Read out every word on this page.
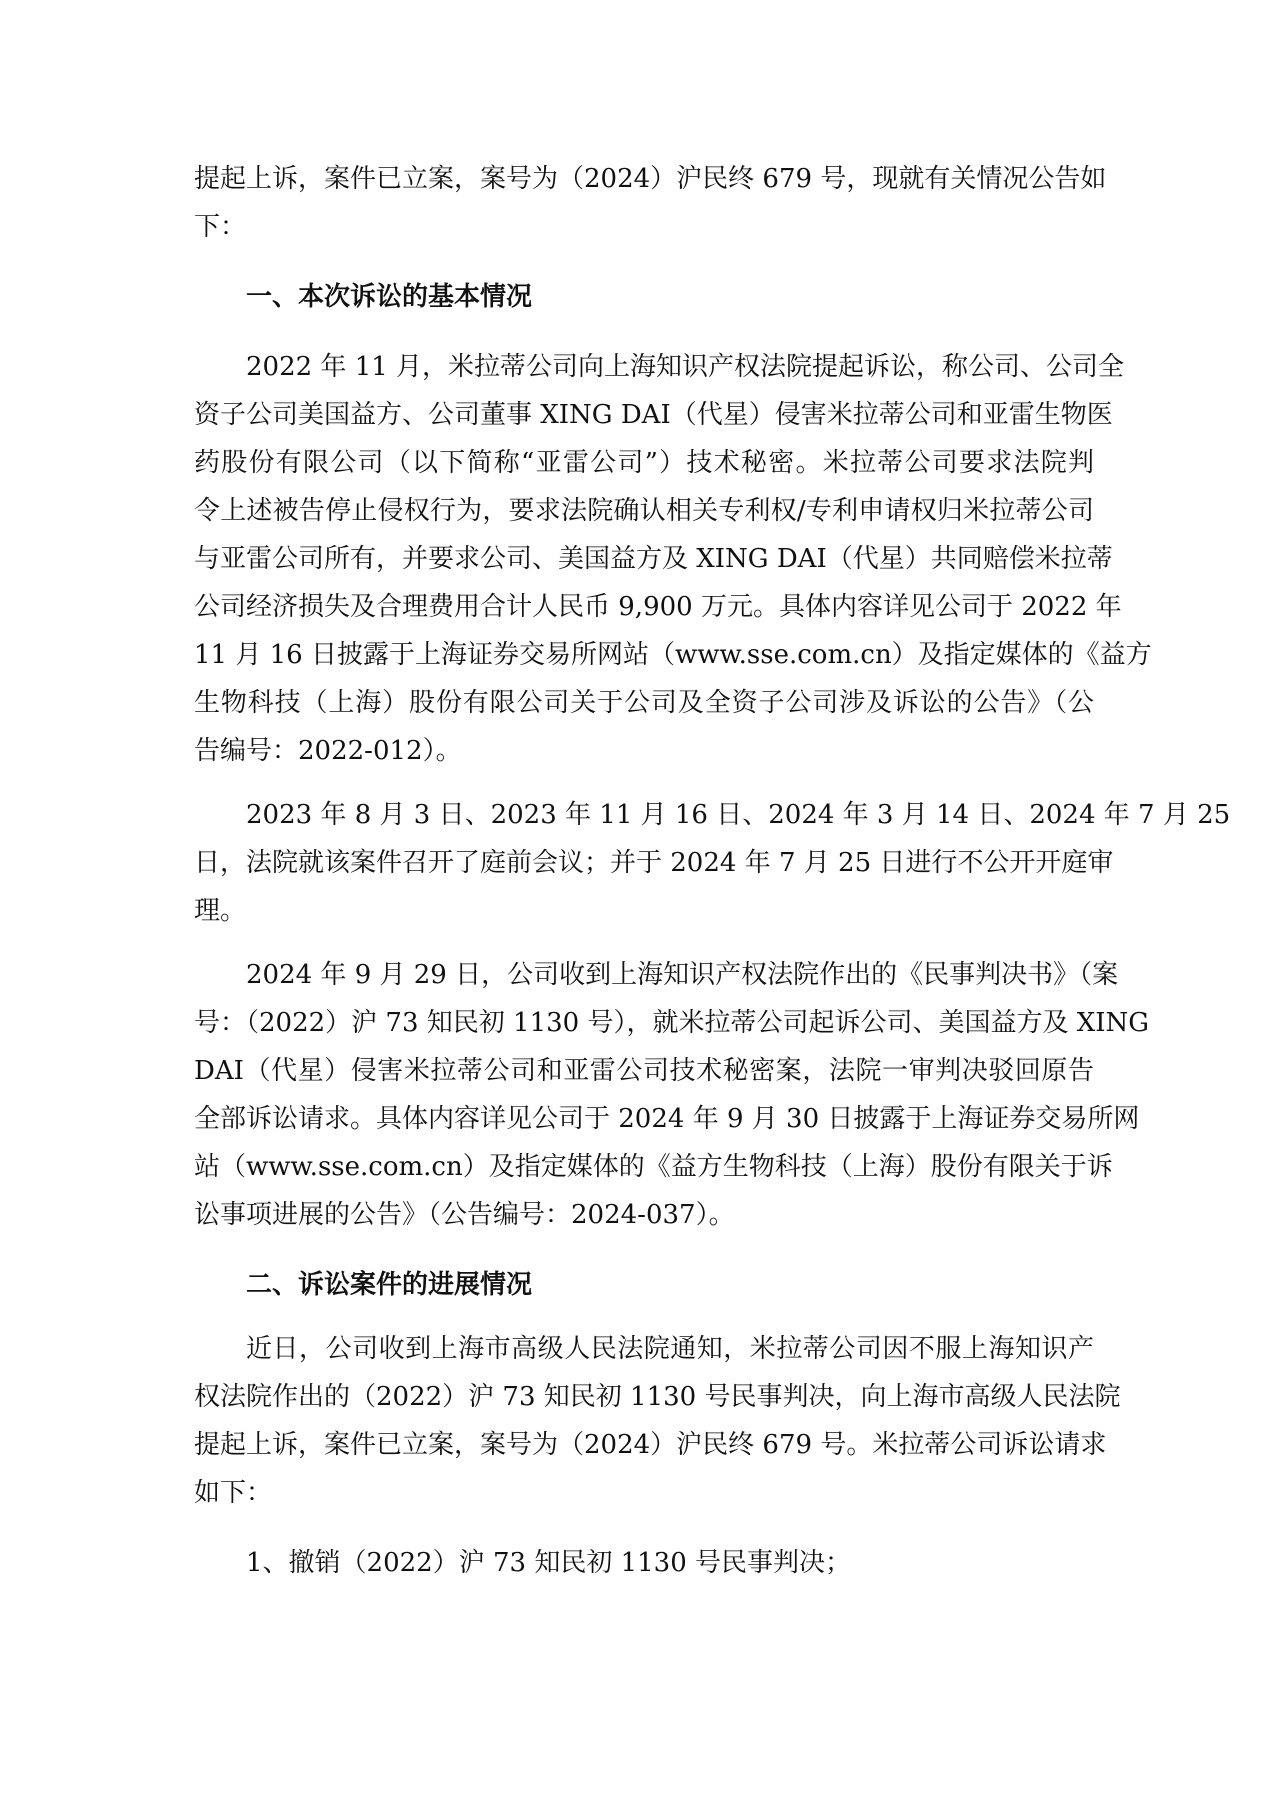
提起上诉，案件已立案，案号为（2024）沪民终 679 号，现就有关情况公告如
下：
一、本次诉讼的基本情况
2022 年 11 月，米拉蒂公司向上海知识产权法院提起诉讼，称公司、公司全
资子公司美国益方、公司董事 XING DAI（代星）侵害米拉蒂公司和亚雷生物医
药股份有限公司（以下简称“亚雷公司”）技术秘密。米拉蒂公司要求法院判
令上述被告停止侵权行为，要求法院确认相关专利权/专利申请权归米拉蒂公司
与亚雷公司所有，并要求公司、美国益方及 XING DAI（代星）共同赔偿米拉蒂
公司经济损失及合理费用合计人民币 9,900 万元。具体内容详见公司于 2022 年
11 月 16 日披露于上海证券交易所网站（www.sse.com.cn）及指定媒体的《益方
生物科技（上海）股份有限公司关于公司及全资子公司涉及诉讼的公告》（公
告编号：2022-012）。
2023 年 8 月 3 日、2023 年 11 月 16 日、2024 年 3 月 14 日、2024 年 7 月 25
日，法院就该案件召开了庭前会议；并于 2024 年 7 月 25 日进行不公开开庭审
理。
2024 年 9 月 29 日，公司收到上海知识产权法院作出的《民事判决书》（案
号：（2022）沪 73 知民初 1130 号），就米拉蒂公司起诉公司、美国益方及 XING
DAI（代星）侵害米拉蒂公司和亚雷公司技术秘密案，法院一审判决驳回原告
全部诉讼请求。具体内容详见公司于 2024 年 9 月 30 日披露于上海证券交易所网
站（www.sse.com.cn）及指定媒体的《益方生物科技（上海）股份有限关于诉
讼事项进展的公告》（公告编号：2024-037）。
二、诉讼案件的进展情况
近日，公司收到上海市高级人民法院通知，米拉蒂公司因不服上海知识产
权法院作出的（2022）沪 73 知民初 1130 号民事判决，向上海市高级人民法院
提起上诉，案件已立案，案号为（2024）沪民终 679 号。米拉蒂公司诉讼请求
如下：
1、撤销（2022）沪 73 知民初 1130 号民事判决；
